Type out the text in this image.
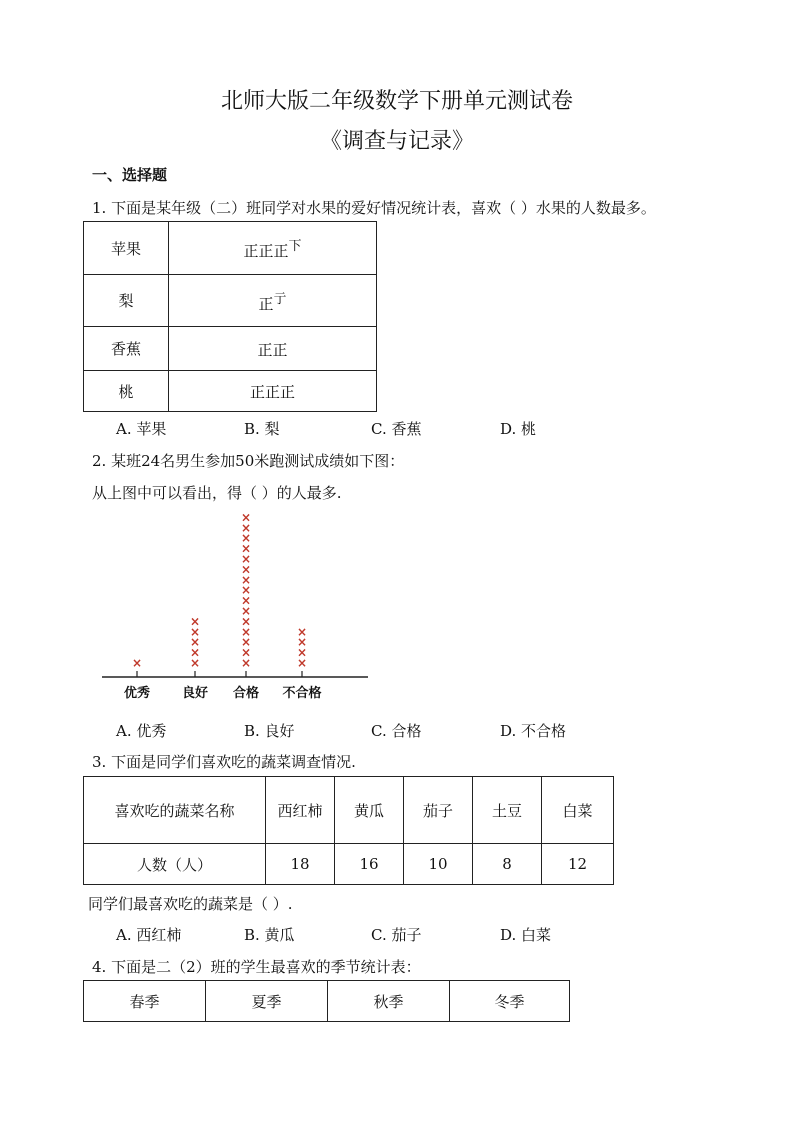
北师大版二年级数学下册单元测试卷
《调查与记录》
一、选择题
1. 下面是某年级（二）班同学对水果的爱好情况统计表，喜欢（ ）水果的人数最多。
苹果	正正正$^下$
梨	正$^亍$
香蕉	正正
桃	正正正
A. 苹果	B. 梨	C. 香蕉	D. 桃
2. 某班24名男生参加50米跑测试成绩如下图：
从上图中可以看出，得（ ）的人最多.
优秀
×
良好
×
×
×
×
×
合格
×
×
×
×
×
×
×
×
×
×
×
×
×
×
×
不合格
×
×
×
×
A. 优秀	B. 良好	C. 合格	D. 不合格
3. 下面是同学们喜欢吃的蔬菜调查情况.
喜欢吃的蔬菜名称	西红柿	黄瓜	茄子	土豆	白菜
人数（人）	18	16	10	8	12
同学们最喜欢吃的蔬菜是（ ）.
A. 西红柿	B. 黄瓜	C. 茄子	D. 白菜
4. 下面是二（2）班的学生最喜欢的季节统计表：
春季	夏季	秋季	冬季
